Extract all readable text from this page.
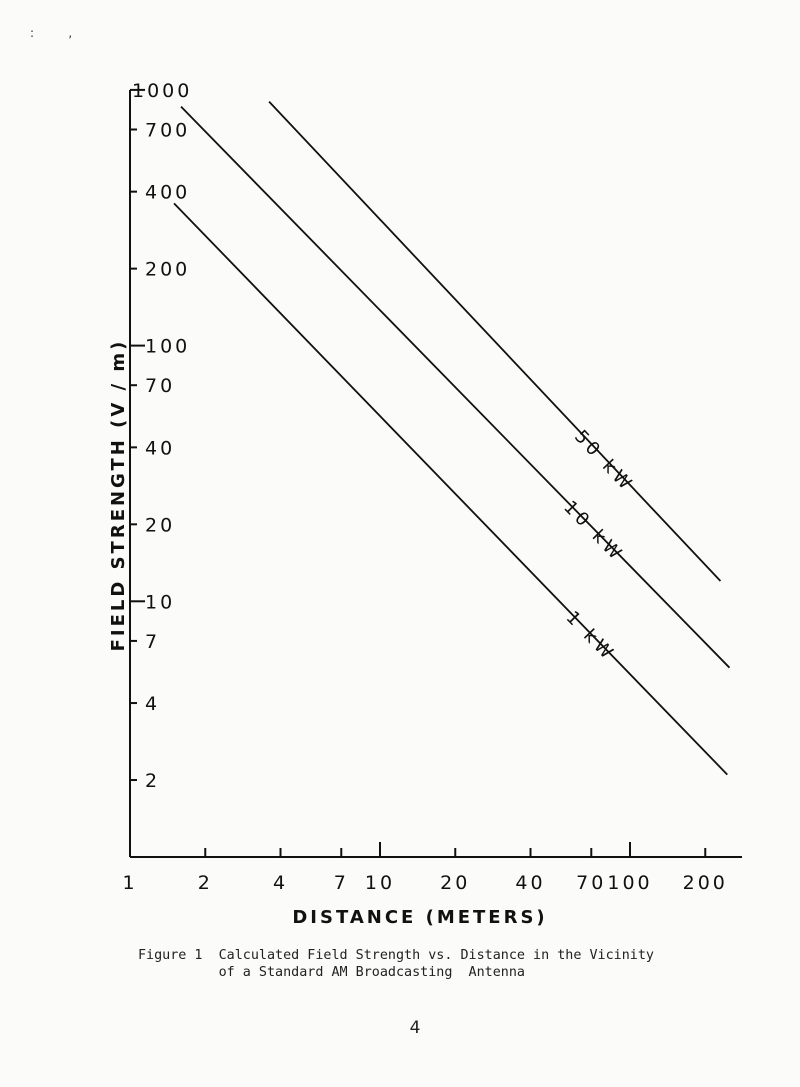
:         ,
1	2	4 7 10 20 40 70 100 200
1000
700
400
200
100
70
40
20
10
7
4
2
50 kW
10 kW
1 kW
DISTANCE (METERS)
FIELD STRENGTH (V / m)
Figure 1  Calculated Field Strength vs. Distance in the Vicinity
of a Standard AM Broadcasting  Antenna
4
